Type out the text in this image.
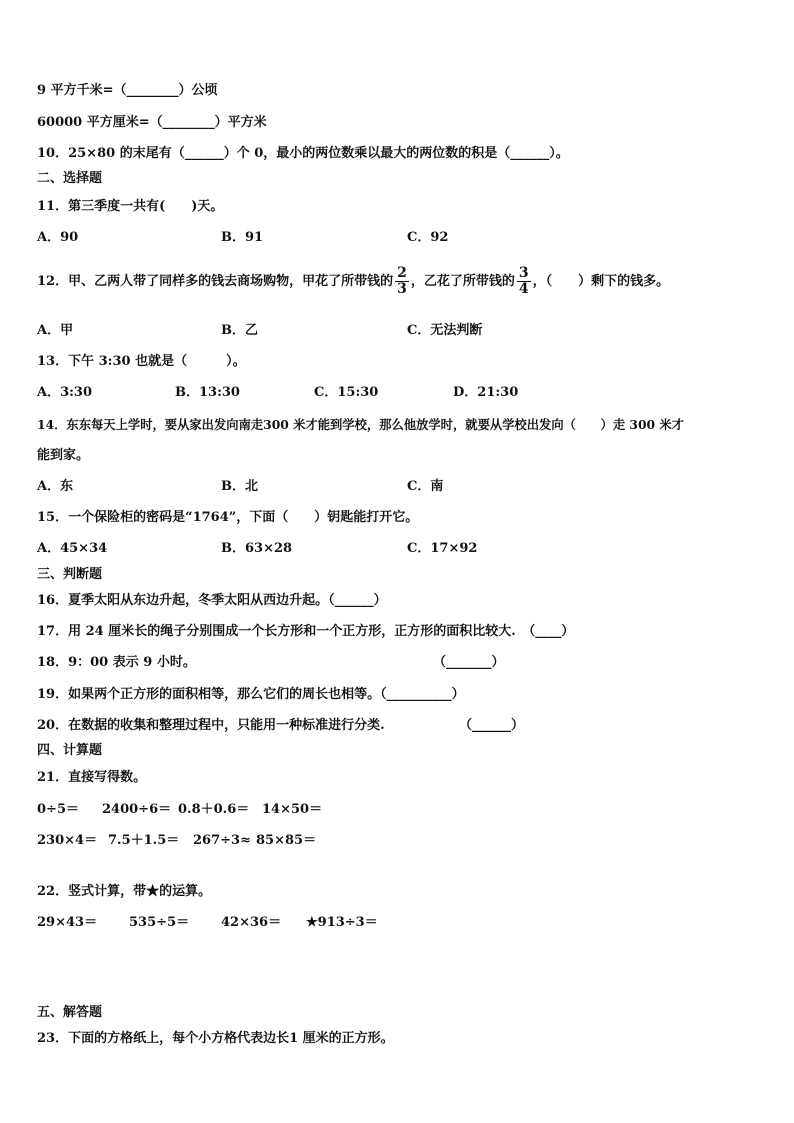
9 平方千米=（________）公顷
60000 平方厘米=（________）平方米
10．25×80 的末尾有（______）个 0，最小的两位数乘以最大的两位数的积是（______）。
二、选择题
11．第三季度一共有(　　)天。
A．90	B．91	C．92
12．甲、乙两人带了同样多的钱去商场购物，甲花了所带钱的 $\frac{2}{3}$ ，乙花了所带钱的 $\frac{3}{4}$ ，（　　）剩下的钱多。
A．甲	B．乙	C．无法判断
13．下午 3:30 也就是（　　　）。
A．3:30	B．13:30	C．15:30	D．21:30
14．东东每天上学时，要从家出发向南走300 米才能到学校，那么他放学时，就要从学校出发向（　　）走 300 米才
能到家。
A．东	B．北	C．南
15．一个保险柜的密码是“1764”，下面（　　）钥匙能打开它。
A．45×34	B．63×28	C．17×92
三、判断题
16．夏季太阳从东边升起，冬季太阳从西边升起。（______）
17．用 24 厘米长的绳子分别围成一个长方形和一个正方形，正方形的面积比较大.　（____）
18．9：00 表示 9 小时。	（_______）
19．如果两个正方形的面积相等，那么它们的周长也相等。（__________）
20．在数据的收集和整理过程中，只能用一种标准进行分类.	（______）
四、计算题
21．直接写得数。
0÷5＝ 2400÷6＝ 0.8＋0.6＝ 14×50＝
230×4＝ 7.5＋1.5＝ 267÷3≈ 85×85＝
22．竖式计算，带★的运算。
29×43＝ 535÷5＝ 42×36＝ ★913÷3＝
五、解答题
23．下面的方格纸上，每个小方格代表边长1 厘米的正方形。
